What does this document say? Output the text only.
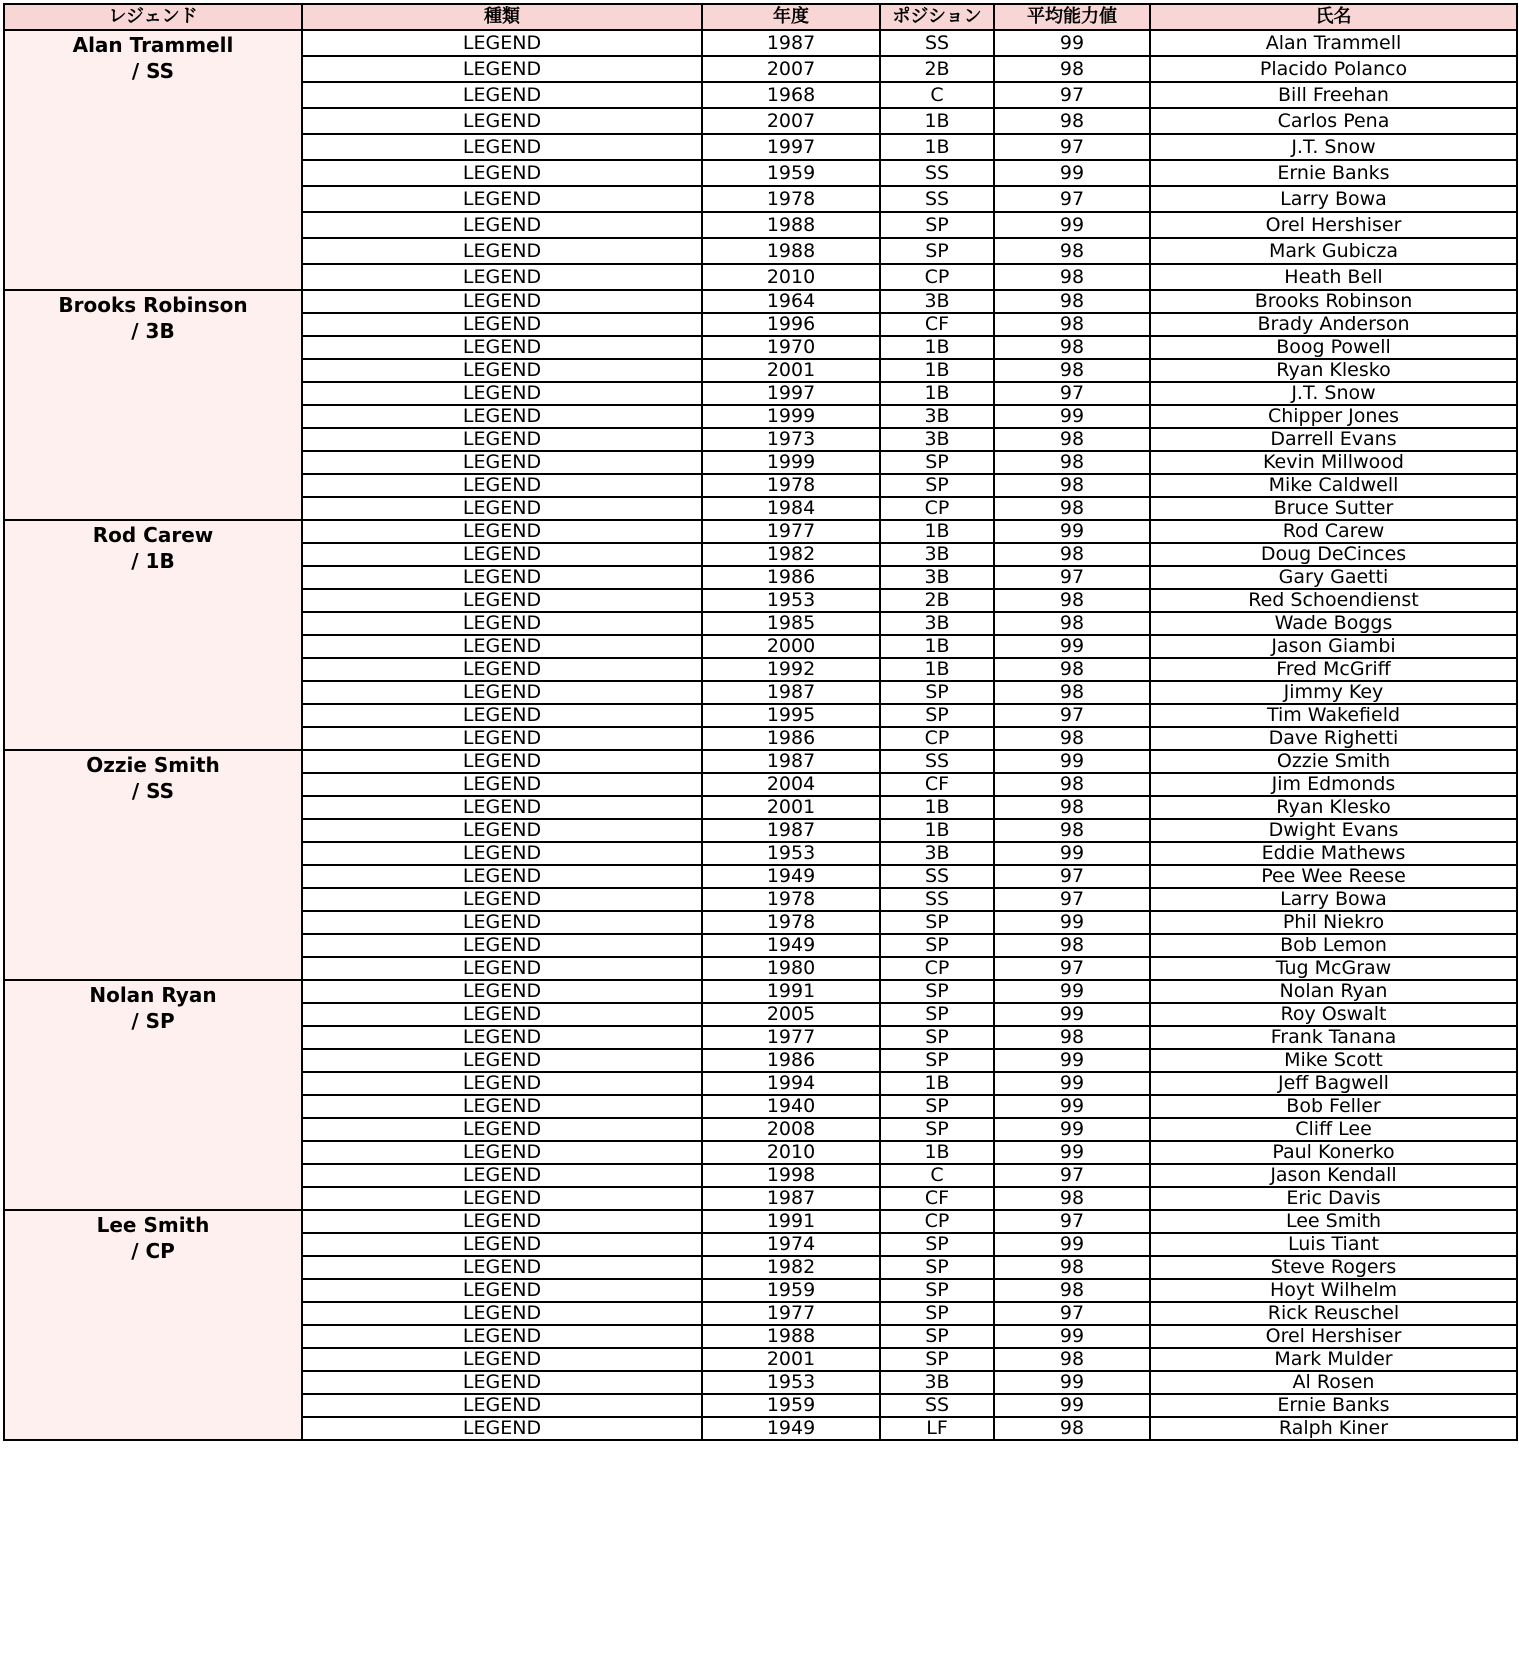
レジェンド	種類	年度	ポジション	平均能力値	氏名

Alan Trammell
/ SS	LEGEND	1987	SS	99	Alan Trammell
	LEGEND	2007	2B	98	Placido Polanco
	LEGEND	1968	C	97	Bill Freehan
	LEGEND	2007	1B	98	Carlos Pena
	LEGEND	1997	1B	97	J.T. Snow
	LEGEND	1959	SS	99	Ernie Banks
	LEGEND	1978	SS	97	Larry Bowa
	LEGEND	1988	SP	99	Orel Hershiser
	LEGEND	1988	SP	98	Mark Gubicza
	LEGEND	2010	CP	98	Heath Bell

Brooks Robinson
/ 3B	LEGEND	1964	3B	98	Brooks Robinson
	LEGEND	1996	CF	98	Brady Anderson
	LEGEND	1970	1B	98	Boog Powell
	LEGEND	2001	1B	98	Ryan Klesko
	LEGEND	1997	1B	97	J.T. Snow
	LEGEND	1999	3B	99	Chipper Jones
	LEGEND	1973	3B	98	Darrell Evans
	LEGEND	1999	SP	98	Kevin Millwood
	LEGEND	1978	SP	98	Mike Caldwell
	LEGEND	1984	CP	98	Bruce Sutter

Rod Carew
/ 1B	LEGEND	1977	1B	99	Rod Carew
	LEGEND	1982	3B	98	Doug DeCinces
	LEGEND	1986	3B	97	Gary Gaetti
	LEGEND	1953	2B	98	Red Schoendienst
	LEGEND	1985	3B	98	Wade Boggs
	LEGEND	2000	1B	99	Jason Giambi
	LEGEND	1992	1B	98	Fred McGriff
	LEGEND	1987	SP	98	Jimmy Key
	LEGEND	1995	SP	97	Tim Wakefield
	LEGEND	1986	CP	98	Dave Righetti

Ozzie Smith
/ SS	LEGEND	1987	SS	99	Ozzie Smith
	LEGEND	2004	CF	98	Jim Edmonds
	LEGEND	2001	1B	98	Ryan Klesko
	LEGEND	1987	1B	98	Dwight Evans
	LEGEND	1953	3B	99	Eddie Mathews
	LEGEND	1949	SS	97	Pee Wee Reese
	LEGEND	1978	SS	97	Larry Bowa
	LEGEND	1978	SP	99	Phil Niekro
	LEGEND	1949	SP	98	Bob Lemon
	LEGEND	1980	CP	97	Tug McGraw

Nolan Ryan
/ SP	LEGEND	1991	SP	99	Nolan Ryan
	LEGEND	2005	SP	99	Roy Oswalt
	LEGEND	1977	SP	98	Frank Tanana
	LEGEND	1986	SP	99	Mike Scott
	LEGEND	1994	1B	99	Jeff Bagwell
	LEGEND	1940	SP	99	Bob Feller
	LEGEND	2008	SP	99	Cliff Lee
	LEGEND	2010	1B	99	Paul Konerko
	LEGEND	1998	C	97	Jason Kendall
	LEGEND	1987	CF	98	Eric Davis

Lee Smith
/ CP	LEGEND	1991	CP	97	Lee Smith
	LEGEND	1974	SP	99	Luis Tiant
	LEGEND	1982	SP	98	Steve Rogers
	LEGEND	1959	SP	98	Hoyt Wilhelm
	LEGEND	1977	SP	97	Rick Reuschel
	LEGEND	1988	SP	99	Orel Hershiser
	LEGEND	2001	SP	98	Mark Mulder
	LEGEND	1953	3B	99	Al Rosen
	LEGEND	1959	SS	99	Ernie Banks
	LEGEND	1949	LF	98	Ralph Kiner
